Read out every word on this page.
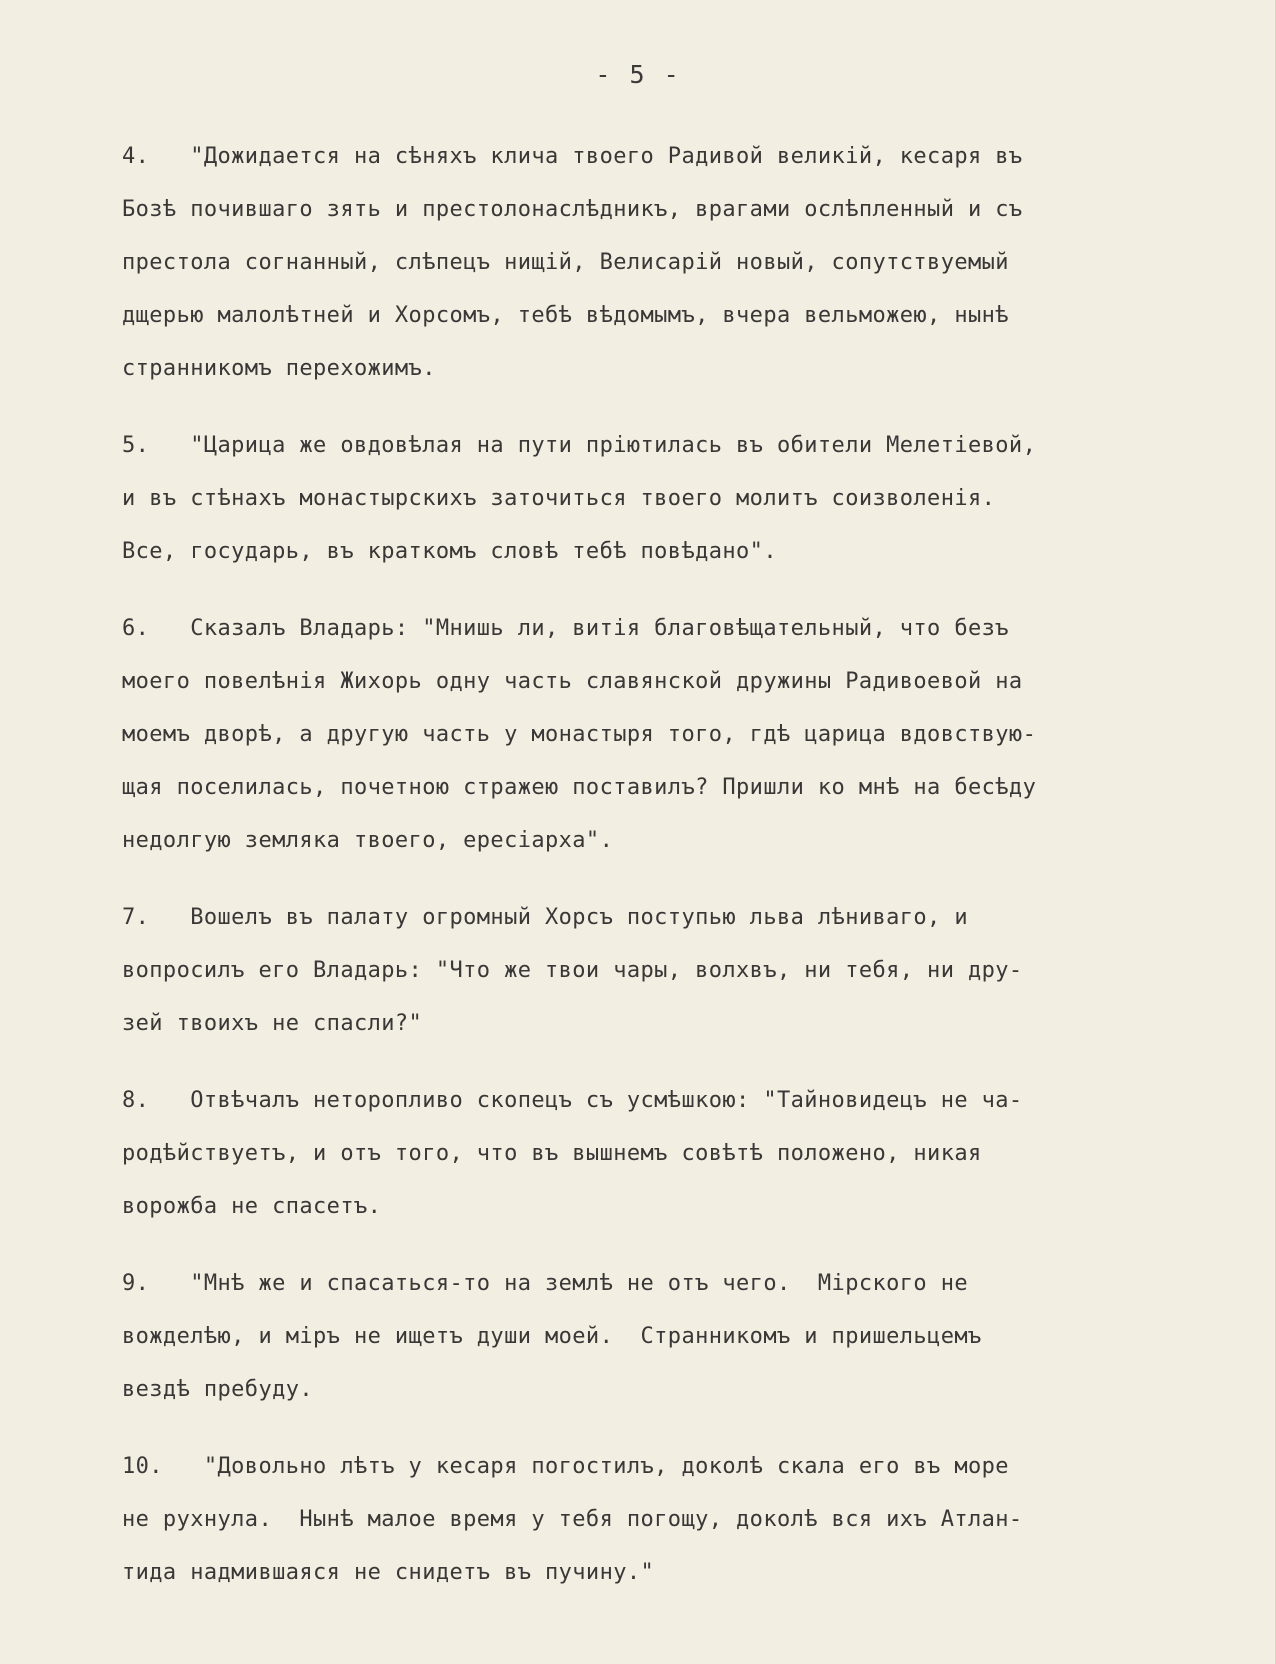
- 5 -
4.   "Дожидается на сѣняхъ клича твоего Радивой великій, кесаря въ
Бозѣ почившаго зять и престолонаслѣдникъ, врагами ослѣпленный и съ
престола согнанный, слѣпецъ нищій, Велисарій новый, сопутствуемый
дщерью малолѣтней и Хорсомъ, тебѣ вѣдомымъ, вчера вельможею, нынѣ
странникомъ перехожимъ.
5.   "Царица же овдовѣлая на пути пріютилась въ обители Мелетіевой,
и въ стѣнахъ монастырскихъ заточиться твоего молитъ соизволенія.
Все, государь, въ краткомъ словѣ тебѣ повѣдано".
6.   Сказалъ Владарь: "Мнишь ли, витія благовѣщательный, что безъ
моего повелѣнія Жихорь одну часть славянской дружины Радивоевой на
моемъ дворѣ, а другую часть у монастыря того, гдѣ царица вдовствую-
щая поселилась, почетною стражею поставилъ? Пришли ко мнѣ на бесѣду
недолгую земляка твоего, ересіарха".
7.   Вошелъ въ палату огромный Хорсъ поступью льва лѣниваго, и
вопросилъ его Владарь: "Что же твои чары, волхвъ, ни тебя, ни дру-
зей твоихъ не спасли?"
8.   Отвѣчалъ неторопливо скопецъ съ усмѣшкою: "Тайновидецъ не ча-
родѣйствуетъ, и отъ того, что въ вышнемъ совѣтѣ положено, никая
ворожба не спасетъ.
9.   "Мнѣ же и спасаться-то на землѣ не отъ чего.  Мірского не
вожделѣю, и міръ не ищетъ души моей.  Странникомъ и пришельцемъ
вездѣ пребуду.
10.   "Довольно лѣтъ у кесаря погостилъ, доколѣ скала его въ море
не рухнула.  Нынѣ малое время у тебя погощу, доколѣ вся ихъ Атлан-
тида надмившаяся не снидетъ въ пучину."
